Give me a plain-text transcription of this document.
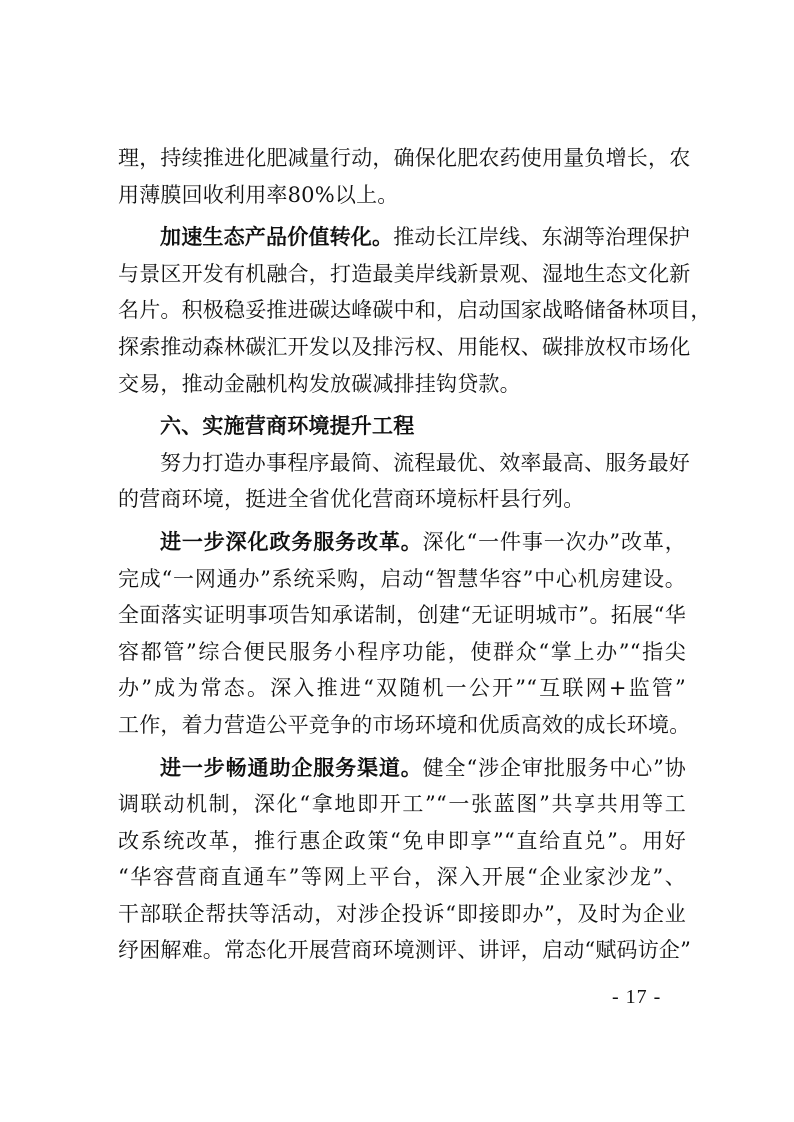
理，持续推进化肥减量行动，确保化肥农药使用量负增长，农
用薄膜回收利用率80%以上。
加速生态产品价值转化。推动长江岸线、东湖等治理保护
与景区开发有机融合，打造最美岸线新景观、湿地生态文化新
名片。积极稳妥推进碳达峰碳中和，启动国家战略储备林项目，
探索推动森林碳汇开发以及排污权、用能权、碳排放权市场化
交易，推动金融机构发放碳减排挂钩贷款。
六、实施营商环境提升工程
努力打造办事程序最简、流程最优、效率最高、服务最好
的营商环境，挺进全省优化营商环境标杆县行列。
进一步深化政务服务改革。深化“一件事一次办”改革，
完成“一网通办”系统采购，启动“智慧华容”中心机房建设。
全面落实证明事项告知承诺制，创建“无证明城市”。拓展“华
容都管”综合便民服务小程序功能，使群众“掌上办”“指尖
办”成为常态。深入推进“双随机一公开”“互联网+监管”
工作，着力营造公平竞争的市场环境和优质高效的成长环境。
进一步畅通助企服务渠道。健全“涉企审批服务中心”协
调联动机制，深化“拿地即开工”“一张蓝图”共享共用等工
改系统改革，推行惠企政策“免申即享”“直给直兑”。用好
“华容营商直通车”等网上平台，深入开展“企业家沙龙”、
干部联企帮扶等活动，对涉企投诉“即接即办”，及时为企业
纾困解难。常态化开展营商环境测评、讲评，启动“赋码访企”
- 17 -
